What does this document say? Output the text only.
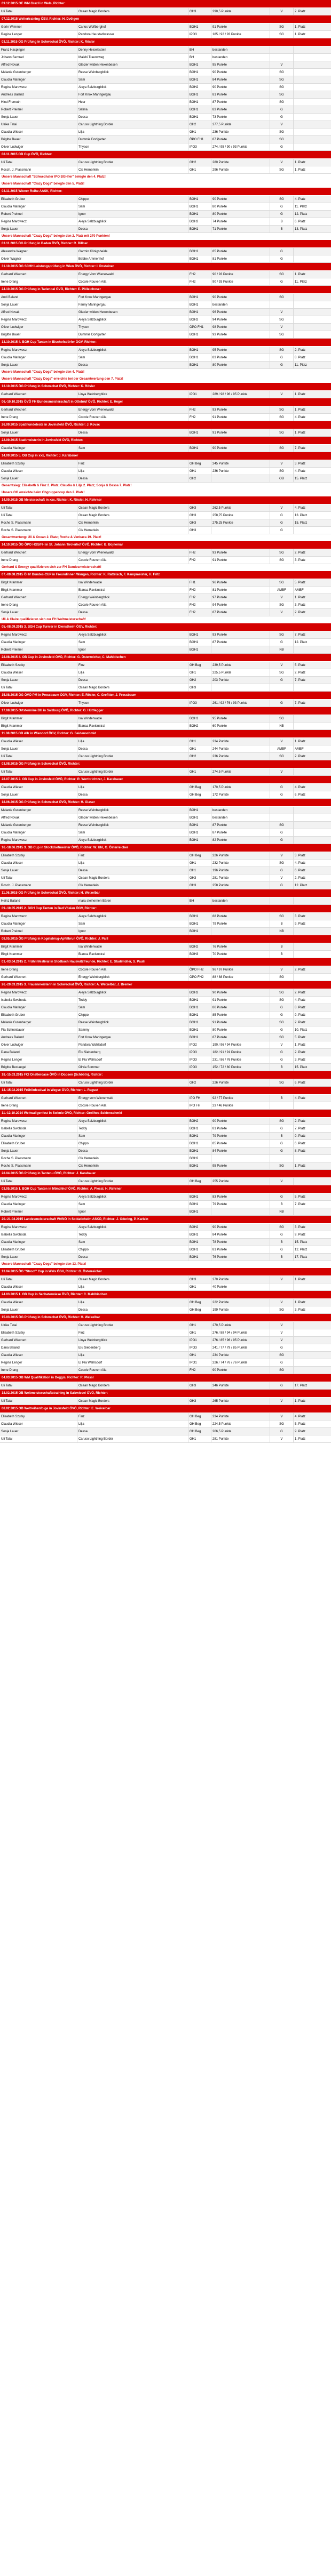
09.12.2015 OE WM Grazll in Wels, Richter:
Uli Tatai	Ocean Magic Borders	GH3	290,5 Punkte	V	2. Platz
07.12.2015 Weltertraining ÖBV, Richter: H. Dvölgen
Gerin Wimmer	Carlos Wolfberghof	BGH1	91 Punkte	SG	1. Platz
Regina Lenger	Pandora Heustadlwasser	IPO3	185 / 92 / 93 Punkte	SG	1. Platz
03.11.2015 ÖG Prüfung in Schwechat ÖVÖ, Richter: K. Rösler
Franz Haspinger	Denny Heiselestein	BH	bestanden
Johann Semrad	Maishi Traunsweg	BH	bestanden
Alfred Novak	Glacier wilden Hexenbesen	BGH1	95 Punkte	V
Melanie Gutenberger	Reese Weinbergblick	BGH1	90 Punkte	SG
Claudia Maringer	Sam	BGH1	84 Punkte	SG
Regina Marowecz	Aleya Salzburgblick	BGH2	90 Punkte	SG
Andreas Baland	Fort Knox Maringergau	BGH1	81 Punkte	SG
Hind Fremuth	Hear	BGH1	87 Punkte	SG
Robert Preimel	Salma	BGH1	83 Punkte	G
Sonja Lauer	Dessa	BGH1	73 Punkte	G
Ulrike Tatai	Caruso Lightning Border	GH2	277,5 Punkte	V
Claudia Wieser	Lilja	GH1	236 Punkte	SG
Brigitte Bauer	Dummie Dorfgarten	ÖPO FH1	87 Punkte	SG
Oliver Ludwiger	Thyson	IPO3	274 / 95 / 90 / 93 Punkte	G
08.11.2015 OB Cup ÖVÖ, Richter:
Uli Tatai	Caruso Lightning Border	GH2	280 Punkte	V	1. Platz
Rosch. J. Plassmann	Cis Hemerlein	GH1	296 Punkte	SG	1. Platz
Unsere Mannschaft "Schwechater IPO BGH'ler" belegte den 4. Platz!
Unsere Mannschaft "Crazy Dogs" belegte den 5. Platz!
03.11.2015 Wiener Reihe AASK, Richter:
Elisabeth Gruber	Chippo	BGH1	90 Punkte	SG	4. Platz
Claudia Maringer	Sam	BGH1	80 Punkte	G	11. Platz
Robert Preimel	Ignor	BGH1	80 Punkte	G	12. Platz
Regina Marowecz	Aleya Salzburgblick	BGH2	74 Punkte	B	6. Platz
Sonja Lauer	Dessa	BGH1	71 Punkte	B	13. Platz
Unsere Mannschaft "Crazy Dogs" belegte den 2. Platz mit 270 Punkten!
03.11.2015 ÖG Prüfung in Baden ÖVÖ, Richter: R. Billner
Alexandra Wagner	Garmin Königsheide	BGH1	85 Punkte	G
Oliver Wagner	Bebbe Ammenhof	BGH1	81 Punkte	G
31.10.2015 ÖG SCHH Leistungsprüfung in Wien ÖVÖ, Richter: I. Posteiner
Gerhard Wiecnert	Energy Vom Wienerwald	FH2	90 / 93 Punkte	SG	1. Platz
Irene Drang	Cooxle Rouven Aila	FH2	90 / 93 Punkte	G	11. Platz
24.10.2015 ÖG Prüfung in Tadenbal ÖVÖ, Richter: E. Pölleichoser
Andi Baland	Fort Knox Maringergau	BGH1	90 Punkte	SG
Sonja Lauer	Fanny Maringergau	BGH1	bestanden
Alfred Novak	Glacier wilden Hexenbesen	BGH1	96 Punkte	V
Regina Marowecz	Aleya Salzburgblick	BGH2	94 Punkte	SG
Oliver Ludwiger	Thyson	ÖPO FH1	98 Punkte	V
Brigitte Bauer	Dummie Dorfgarten	BGH1	93 Punkte	SG
13.10.2015 4. BGH Cup Tanten in Bischofsdörfer ÖGV, Richter:
Regina Marowecz	Aleya Salzburgblick	BGH1	95 Punkte	SG	2. Platz
Claudia Maringer	Sam	BGH1	83 Punkte	G	8. Platz
Sonja Lauer	Dessa	BGH1	80 Punkte	G	11. Platz
Unsere Mannschaft "Crazy Dogs" belegte den 4. Platz!
Unsere Mannschaft "Crazy Dogs" erreichte bei der Gesamtwertung den 7. Platz!
13.10.2015 ÖG Prüfung in Schwechat ÖVÖ, Richter: K. Rösler
Gerhard Wiecnert	Linya Weinbergblick	IPO1	289 / 98 / 96 / 95 Punkte	V	1. Platz
06.-10.10.2015 ÖVÖ FH Bundesmeisterschaft in Ottobruf ÖVÖ, Richter: E. Hegel
Gerhard Wiecnert	Energy Vom Wienerwald	FH2	93 Punkte	SG	1. Platz
Irene Drang	Cooxle Rouven Aila	FH2	91 Punkte	SG	4. Platz
26.09.2015 Spaßhundetests in Jovinsfeld ÖVÖ, Richter: J. Kovac
Sonja Lauer	Dessa	BGH1	91 Punkte	SG	1. Platz
22.09.2015 Stadtmeisterin in Jovinsfeld ÖVÖ, Richter:
Claudia Maringer	Sam	BGH1	90 Punkte	SG	7. Platz
14.09.2015 5. OB Cup in xxx, Richter: J. Karabauer
Elisabeth Szutky	Finz	GH Beg	245 Punkte	V	3. Platz
Claudia Wieser	Lilja	GH1	236 Punkte	SG	4. Platz
Sonja Lauer	Dessa	GH2	OB	15. Platz
Gesamtsieg: Elisabeth & Finz 2. Platz; Claudia & Lilja 2. Platz; Sonja & Dessa 7. Platz!
Unsere OG erreichte beim Obgruppencup den 2. Platz!
14.09.2015 OB Meisterschaft in xxx, Richter: K. Rösler, H. Rehrner
Uli Tatai	Ocean Magic Borders	GH3	262,5 Punkte	V	4. Platz
Uli Tatai	Ocean Magic Borders	GH3	258,75 Punkte	G	13. Platz
Roche S. Plassmann	Cis Hemerlein	GH3	275,25 Punkte	G	15. Platz
Roche S. Plassmann	Cis Hemerlein	GH3	G
Gesamtwertung: Uli & Ocean 2. Platz; Roche & Venbaca 19. Platz!
14.10.2015 ÖG ÖPO HGS/FH in St. Johann Tirolerhof ÖVÖ, Richter: B. Bojnemar
Gerhard Wiecnert	Energy Vom Wienerwald	FH2	93 Punkte	SG	2. Platz
Irene Drang	Cooxle Rouven Aila	FH2	91 Punkte	SG	3. Platz
Gerhard & Energy qualifizieren sich zur FH Bundesmeisterschaft!
07.-09.08.2015 ÖHV Bundes-CUP in Freundinnen Wangen, Richter: K. Rattelsch, F. Kampmeister, H. Fritz
Birgit Krammer	Isa Winderwacle	FH1	96 Punkte	SG	5. Platz
Birgit Krammer	Bianca Ravisnstral	FH2	81 Punkte	AMBF	AMBF
Gerhard Wiecnert	Energy Weinbergblick	FH2	97 Punkte	V	1. Platz
Irene Drang	Cooxle Rouven Aila	FH2	94 Punkte	SG	3. Platz
Sonja Lauer	Dessa	FH2	87 Punkte	V	2. Platz
Uli & Claire qualifizieren sich zur FH Weltmeisterschaft!
05.-08.09.2015 3. BGH Cup Turnier in Dienstheim ÖGV, Richter:
Regina Marowecz	Aleya Salzburgblick	BGH1	93 Punkte	SG	7. Platz
Claudia Maringer	Sam	BGH1	87 Punkte	G	12. Platz
Robert Preimel	Ignor	BGH1	NB
28.08.2015 4. OB Cup in Jovinsfeld ÖVÖ, Richter: G. Österreicher, C. Mahlbischen
Elisabeth Szutky	Finz	GH Beg	239,5 Punkte	V	5. Platz
Claudia Wieser	Lilja	GH1	225,5 Punkte	SG	2. Platz
Sonja Lauer	Dessa	GH2	203 Punkte	G	7. Platz
Uli Tatai	Ocean Magic Borders	GH3
15.08.2015 ÖG ÖVÖ PM in Pressbaum ÖGV, Richter: E. Rösler, C. Grefitter, J. Pressbaum
Oliver Ludwiger	Thyson	IPO3	261 / 92 / 76 / 93 Punkte	G	7. Platz
17.08.2015 Ortstermine BH in Salzburg ÖVÖ, Richter: G. Hüttlegger
Birgit Krammer	Isa Winderwacle	BGH1	95 Punkte	SG
Birgit Krammer	Bianca Ravisnstral	BGH2	60 Punkte	NB
11.08.2015 OB Allr in Wiendorf ÖGV, Richter: G. Seidenschmid
Claudia Wieser	Lilja	GH1	234 Punkte	V	1. Platz
Sonja Lauer	Dessa	GH1	244 Punkte	AMBF	AMBF
Uli Tatai	Caruso Lightning Border	GH2	236 Punkte	SG	2. Platz
03.08.2015 ÖG Prüfung in Schwechat ÖVÖ, Richter:
Uli Tatai	Caruso Lightning Border	GH1	274,5 Punkte	V
28.07.2015 2. OB Cup in Jovinsfeld ÖVÖ, Richter: R. Wertbrichtzer, J. Karabauer
Claudia Wieser	Lilja	GH Beg	170,5 Punkte	G	4. Platz
Sonja Lauer	Dessa	GH Beg	172 Punkte	G	6. Platz
18.06.2015 ÖG Prüfung in Schwechat ÖVÖ, Richter: H. Glaser
Melanie Gutenberger	Reese Weinbergblick	BGH1	bestanden
Alfred Novak	Glacier wilden Hexenbesen	BGH1	bestanden
Melanie Gutenberger	Reese Weinbergblick	BGH1	87 Punkte	SG
Claudia Maringer	Sam	BGH1	87 Punkte	G
Regina Marowecz	Aleya Salzburgblick	BGH1	82 Punkte	G
16.-18.06.2015 3. OB Cup in Stockdorfmeister ÖVÖ, Richter: W. Uhl, G. Österreicher
Elisabeth Szutky	Finz	GH Beg	226 Punkte	V	3. Platz
Claudia Wieser	Lilja	GH1	232 Punkte	SG	4. Platz
Sonja Lauer	Dessa	GH1	196 Punkte	G	6. Platz
Uli Tatai	Ocean Magic Borders	GH3	281 Punkte	V	2. Platz
Rosch. J. Plassmann	Cis Hemerlein	GH3	258 Punkte	G	12. Platz
11.06.2015 ÖG Prüfung in Schwechat ÖVÖ, Richter: H. Weixelbar
Heinz Baland	mara steinernen Bären	BH	bestanden
09.-10.05.2015 2. BGH Cup Tanten in Bad Vöslau ÖGV, Richter:
Regina Marowecz	Aleya Salzburgblick	BGH1	88 Punkte	SG	3. Platz
Claudia Maringer	Sam	BGH1	79 Punkte	B	9. Platz
Robert Preimel	Ignor	BGH1	NB
08.05.2015 ÖG Prüfung in Kogelsbrug-Apfelbrun ÖVÖ, Richter: J. Palll
Birgit Krammer	Isa Winderwacle	BGH2	76 Punkte	B
Birgit Krammer	Bianca Ravisnstral	BGH3	70 Punkte	B
01.-03.04.2015 2. Frühlinfestival in Stodbach Hauswitzfreunde, Richter: E. Stadimüller, S. Pauli
Irene Drang	Cooxle Rouven Aila	ÖPO FH2	96 / 97 Punkte	V	2. Platz
Gerhard Wiecnert	Energy Weinbergblick	ÖPO FH2	88 / 88 Punkte	SG
26.-29.03.2015 3. Frauenmeisterin in Schwechat ÖVÖ, Richter: A. Weixelbar, J. Bremer
Regina Marowecz	Aleya Salzburgblick	BGH2	90 Punkte	SG	2. Platz
Isabella Swoboda	Teddy	BGH1	91 Punkte	SG	4. Platz
Claudia Maringer	Sam	BGH1	86 Punkte	G	8. Platz
Elisabeth Gruber	Chippo	BGH1	85 Punkte	G	9. Platz
Melanie Gutenberger	Reese Weinbergblick	BGH1	91 Punkte	SG	2. Platz
Pia Schneidauer	Sammy	BGH1	80 Punkte	G	10. Platz
Andreas Baland	Fort Knox Maringergau	BGH1	87 Punkte	SG	5. Platz
Oliver Ludwiger	Pandora Wahlsdorf	IPO2	190 / 96 / 94 Punkte	V	1. Platz
Dana Baland	Elu Siebenberg	IPO3	182 / 91 / 91 Punkte	G	2. Platz
Regina Lenger	El Pia Wahlsdorf	IPO3	231 / 86 / 76 Punkte	G	3. Platz
Brigitte Bestaegel	Olivia Sommer	IPO3	152 / 72 / 80 Punkte	B	15. Platz
18.-15.03.2015 FCI Onstleroase ÖVÖ in Dopsen (Schöbtn), Richter:
Uli Tatai	Caruso Lightning Border	GH2	226 Punkte	SG	6. Platz
14.-15.02.2015 Frühlinfestival in Wegsc ÖVÖ, Richter: L. Raguet
Gerhard Wiecnert	Energy vom Wienerwald	IPO FH	92 / 77 Punkte	B	4. Platz
Irene Drang	Cooxle Rouven Aila	IPO FH	23 / 46 Punkte
11.-12.10.2014 Weltwaligenfest in Swimie ÖVÖ, Richter: Grellhos Seidenschmid
Regina Marowecz	Aleya Salzburgblick	BGH2	90 Punkte	SG	2. Platz
Isabella Swoboda	Teddy	BGH1	81 Punkte	G	7. Platz
Claudia Maringer	Sam	BGH1	79 Punkte	B	9. Platz
Elisabeth Gruber	Chippo	BGH1	85 Punkte	G	6. Platz
Sonja Lauer	Dessa	BGH1	84 Punkte	G	8. Platz
Roche S. Plassmann	Cis Hemerlein	BGH2
Roche S. Plassmann	Cis Hemerlein	BGH1	95 Punkte	SG	1. Platz
28.04.2015 ÖG Prüfung in Tantenu ÖVÖ, Richter: J. Karabauer
Uli Tatai	Caruso Lightning Border	GH Beg	255 Punkte	V
03.05.2015 1. BGH Cup Tanten in Mönchhof ÖVÖ, Richter: A. Plessl, H. Rehrner
Regina Marowecz	Aleya Salzburgblick	BGH1	83 Punkte	G	5. Platz
Claudia Maringer	Sam	BGH1	79 Punkte	B	7. Platz
Robert Preimel	Ignor	BGH1	NB
20.-21.04.2015 Landesmeisterschaft Wr/NÖ in Soldaticheim ASKÖ, Richter: J. Odering, P. Karlein
Regina Marowecz	Aleya Salzburgblick	BGH2	90 Punkte	SG	3. Platz
Isabella Swoboda	Teddy	BGH1	84 Punkte	G	9. Platz
Claudia Maringer	Sam	BGH1	78 Punkte	B	15. Platz
Elisabeth Gruber	Chippo	BGH1	81 Punkte	G	12. Platz
Sonja Lauer	Dessa	BGH1	76 Punkte	B	17. Platz
Unsere Mannschaft "Crazy Dogs" belegte den 13. Platz!
13.04.2015 ÖG "Stroof" Cup in Wels ÖGV, Richter: G. Österreicher
Uli Tatai	Ocean Magic Borders	GH3	270 Punkte	V	1. Platz
Claudia Wieser	Lilja	GH1	40 Punkte
24.03.2015 1. OB Cup in Sechaterwiese ÖVÖ, Richter: C. Mahlbischen
Claudia Wieser	Lilja	GH Beg	222 Punkte	V	1. Platz
Sonja Lauer	Dessa	GH Beg	199 Punkte	SG	3. Platz
15.03.2015 ÖG Prüfung in Schwechat ÖVÖ, Richter: H. Weixelbar
Ulrike Tatai	Caruso Lightning Border	GH1	270,5 Punkte	V
Elisabeth Szutky	Finz	GH1	276 / 88 / 94 / 94 Punkte	V
Gerhard Wiecnert	Linya Weinbergblick	IPO1	276 / 85 / 96 / 95 Punkte	V
Dana Baland	Elu Siebenberg	IPO3	241 / 77 / 79 / 85 Punkte	G
Claudia Wieser	Lilja	GH1	234 Punkte	SG
Regina Lenger	El Pia Wahlsdorf	IPO1	226 / 74 / 76 / 76 Punkte	G
Irene Drang	Cooxle Rouven Aila	FH2	90 Punkte	SG
04.03.2015 OB WM Qualifikation in Deggis, Richter: R. Plessl
Uli Tatai	Ocean Magic Borders	GH3	246 Punkte	G	17. Platz
18.02.2015 OB Weltmeisterschaftstraining in Salzwiesel ÖVÖ, Richter:
Uli Tatai	Ocean Magic Borders	GH3	265 Punkte	V	1. Platz
08.02.2015 OB Weltreihenfolge in Jovinsfeld ÖVÖ, Richter: E. Weixelbar
Elisabeth Szutky	Finz	GH Beg	234 Punkte	V	4. Platz
Claudia Wieser	Lilja	GH Beg	224,5 Punkte	SG	5. Platz
Sonja Lauer	Dessa	GH Beg	206,5 Punkte	G	9. Platz
Uli Tatai	Caruso Lightning Border	GH1	281 Punkte	V	1. Platz
